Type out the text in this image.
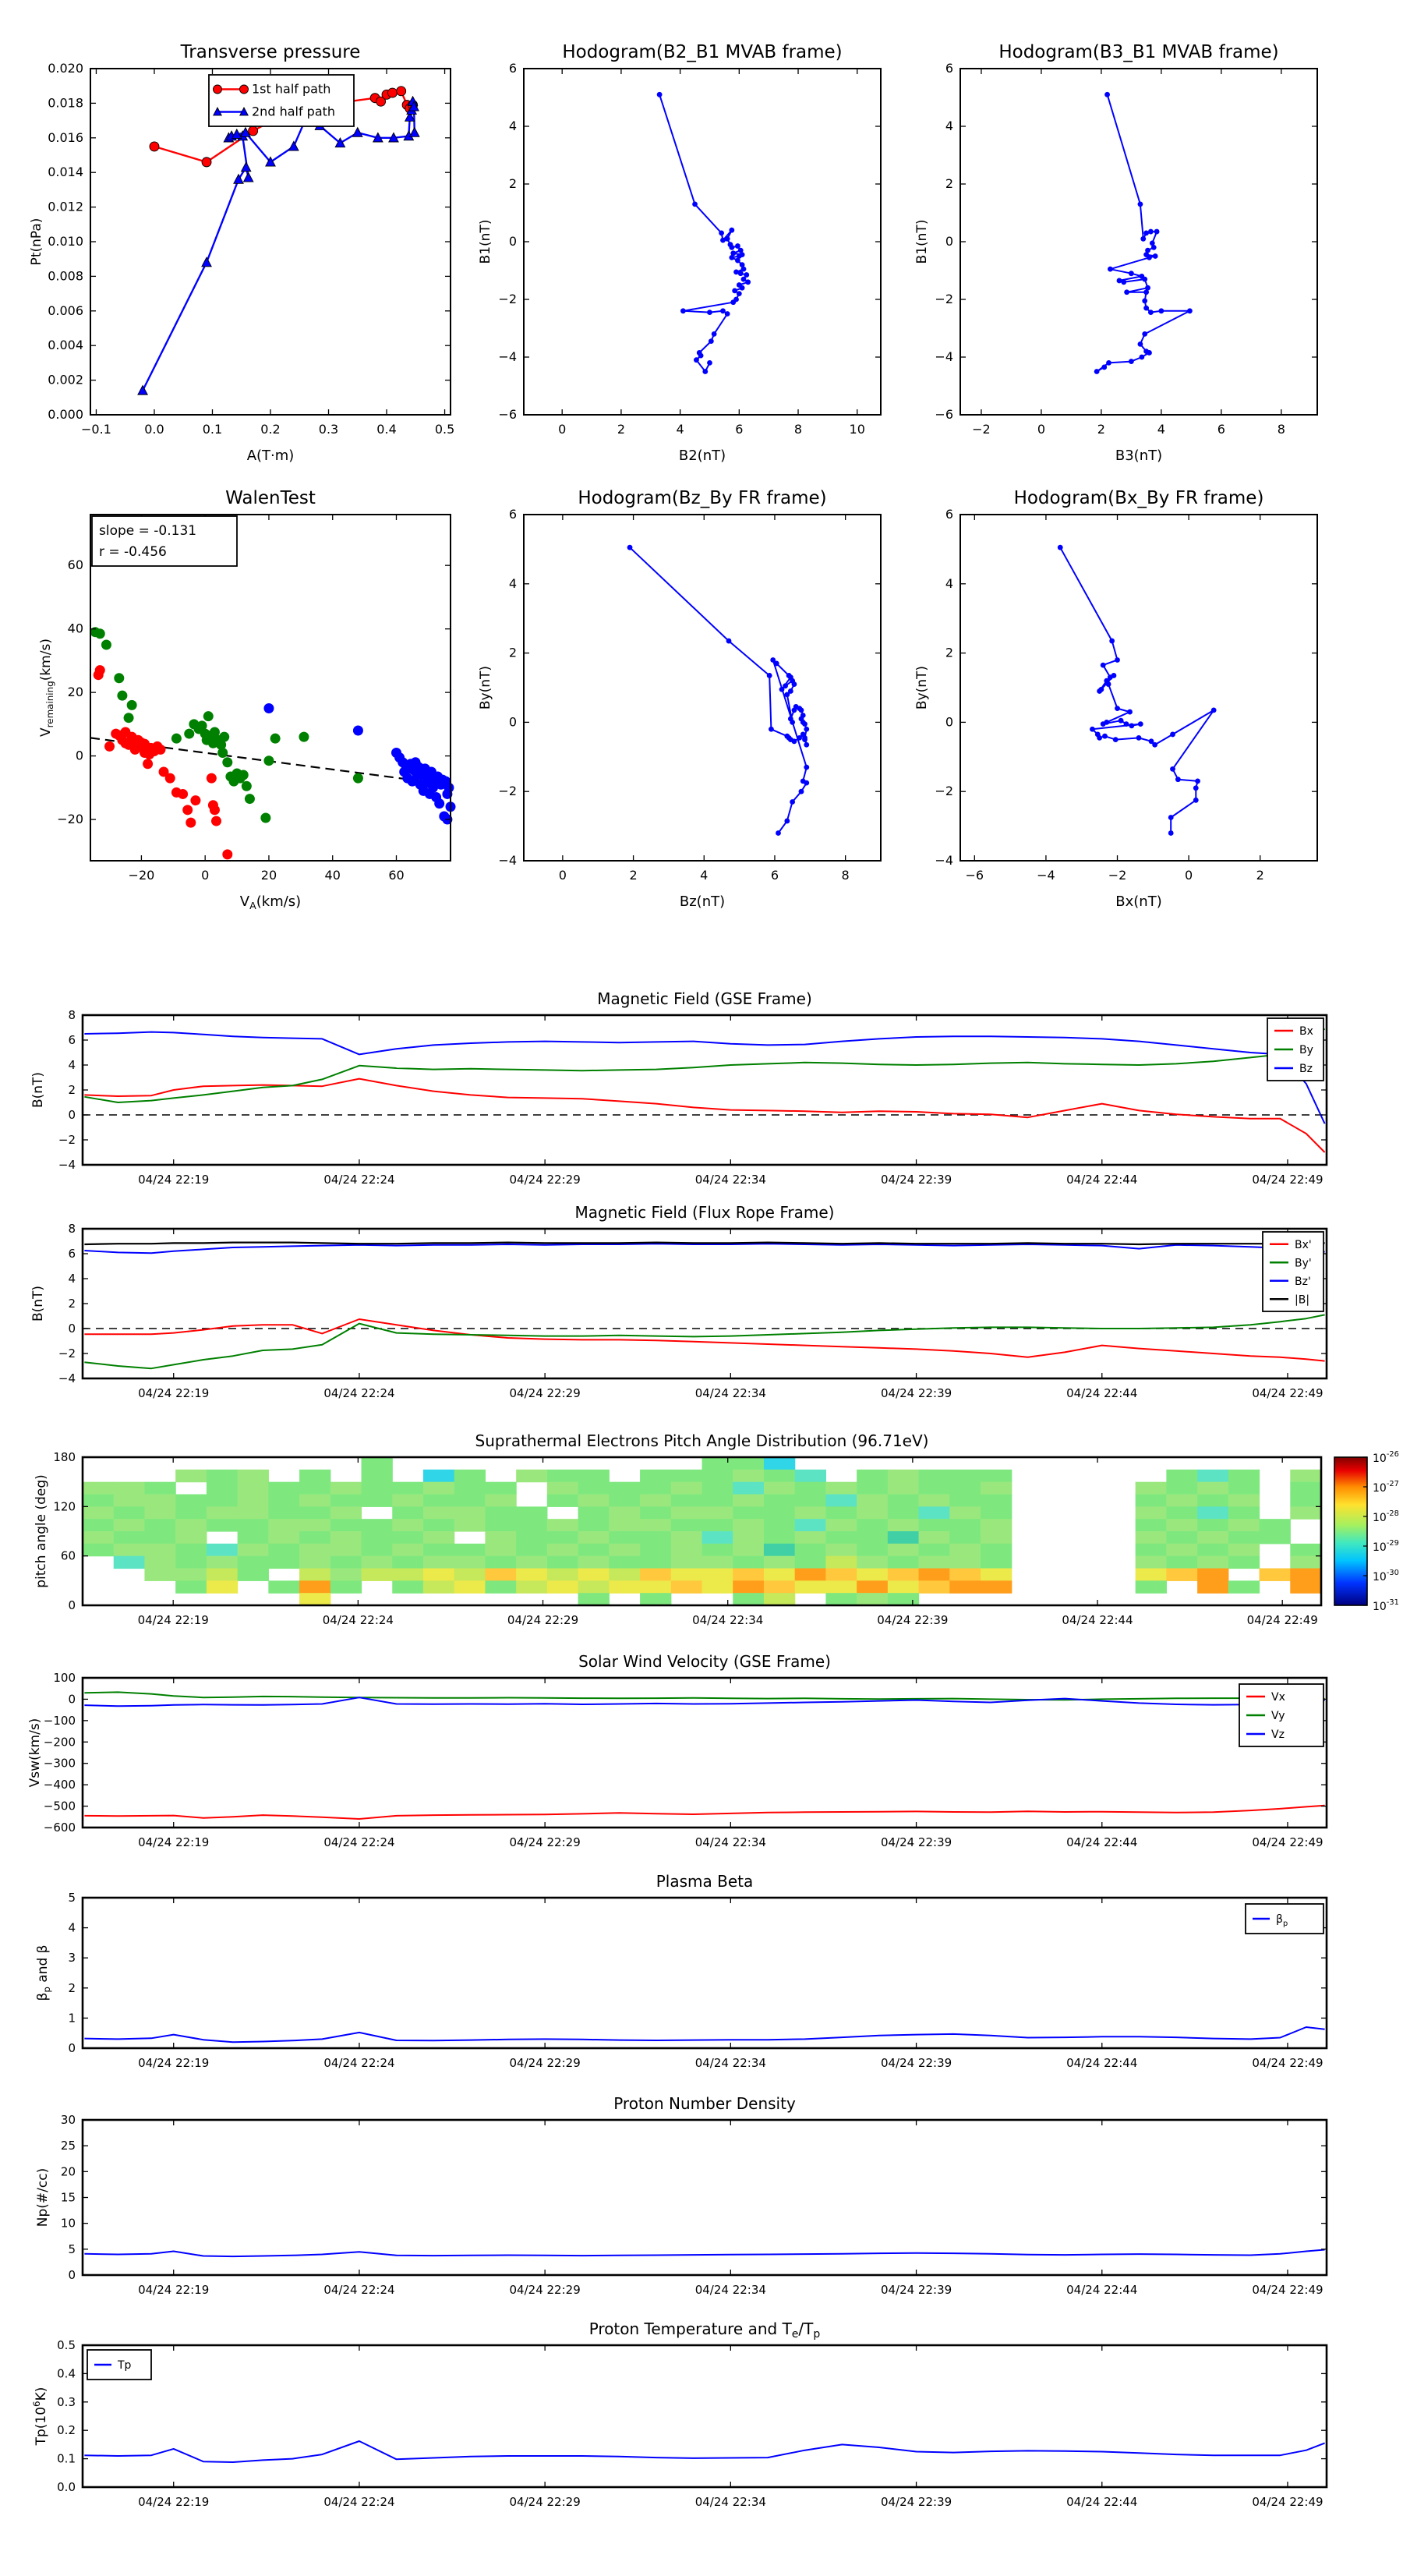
Transverse pressure
−0.1	0.0	0.1	0.2	0.3	0.4	0.5
0.000
0.002
0.004
0.006
0.008
0.010
0.012
0.014
0.016
0.018
0.020
A(T·m)
Pt(nPa)
1st half path
2nd half path
Hodogram(B2_B1 MVAB frame)
0	2	4	6	8	10
−6
−4
−2
0
2
4
6
B2(nT)
B1(nT)
Hodogram(B3_B1 MVAB frame)
−2	0	2	4	6	8
−6
−4
−2
0
2
4
6
B3(nT)
B1(nT)
WalenTest
−20	0	20	40	60
−20
0
20
40
60
slope = -0.131
r = -0.456
$V_A(km/s)$
$V_{remaining}(km/s)$
Hodogram(Bz_By FR frame)
0	2	4	6	8
−4
−2
0
2
4
6
Bz(nT)
By(nT)
Hodogram(Bx_By FR frame)
−6	−4	−2	0	2
−4
−2
0
2
4
6
Bx(nT)
By(nT)
Magnetic Field (GSE Frame)
04/24 22:19	04/24 22:24	04/24 22:29	04/24 22:34	04/24 22:39	04/24 22:44	04/24 22:49
−4
−2
0
2
4
6
8
B(nT)
Bx
By
Bz
Magnetic Field (Flux Rope Frame)
04/24 22:19	04/24 22:24	04/24 22:29	04/24 22:34	04/24 22:39	04/24 22:44	04/24 22:49
−4
−2
0
2
4
6
8
B(nT)
Bx'
By'
Bz'
|B|
Suprathermal Electrons Pitch Angle Distribution (96.71eV)
$10^{-26}$
$10^{-27}$
$10^{-28}$
$10^{-29}$
$10^{-30}$
$10^{-31}$
04/24 22:19	04/24 22:24	04/24 22:29	04/24 22:34	04/24 22:39	04/24 22:44	04/24 22:49
0
60
120
180
pitch angle (deg)
Solar Wind Velocity (GSE Frame)
04/24 22:19	04/24 22:24	04/24 22:29	04/24 22:34	04/24 22:39	04/24 22:44	04/24 22:49
100
0
−100
−200
−300
−400
−500
−600
Vsw(km/s)
Vx
Vy
Vz
Plasma Beta
04/24 22:19	04/24 22:24	04/24 22:29	04/24 22:34	04/24 22:39	04/24 22:44	04/24 22:49
0
1
2
3
4
5
$\beta_p$ and β
$\beta_p$
Proton Number Density
04/24 22:19	04/24 22:24	04/24 22:29	04/24 22:34	04/24 22:39	04/24 22:44	04/24 22:49
0
5
10
15
20
25
30
Np(#/cc)
Proton Temperature and $T_e/T_p$
04/24 22:19	04/24 22:24	04/24 22:29	04/24 22:34	04/24 22:39	04/24 22:44	04/24 22:49
0.0
0.1
0.2
0.3
0.4
0.5
$Tp(10^6K)$
Tp
